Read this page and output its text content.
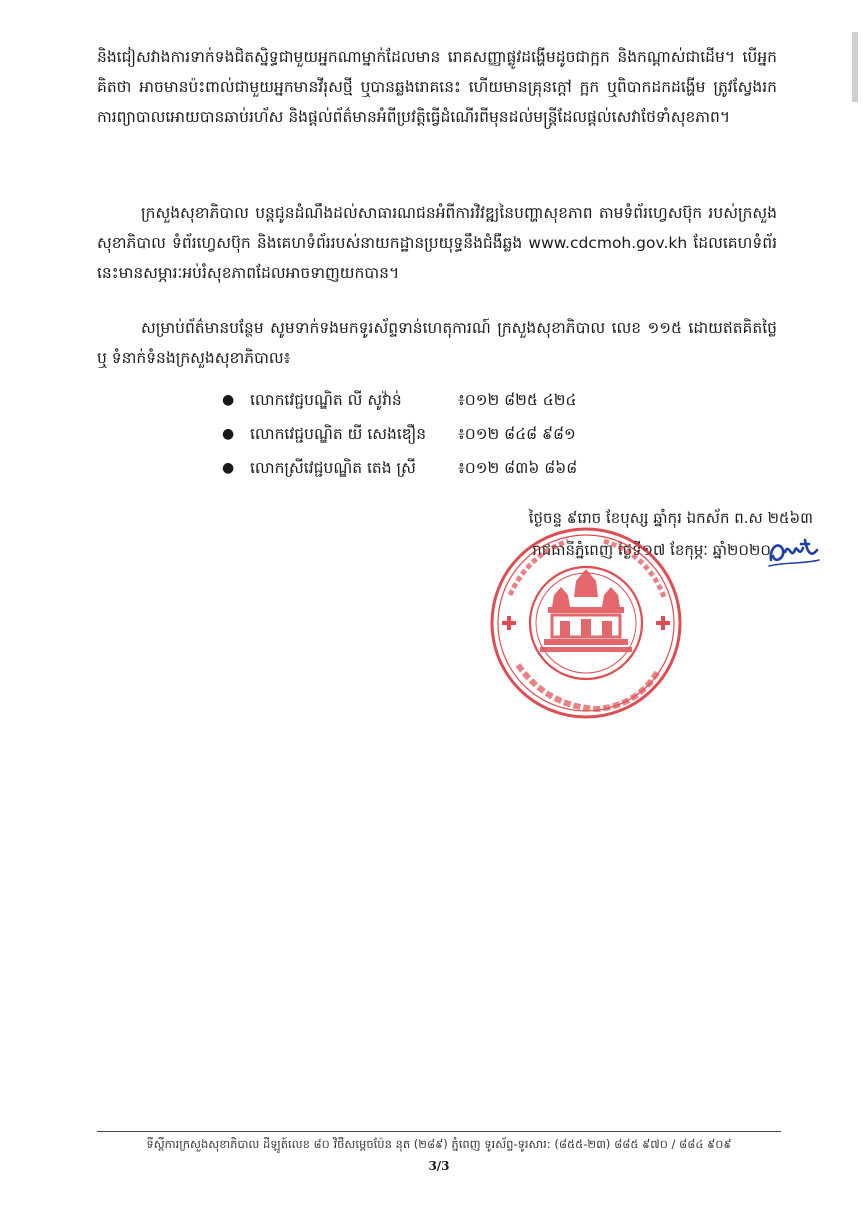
និងជៀសវាងការទាក់ទងជិតស្និទ្ធជាមួយអ្នកណាម្នាក់ដែលមាន រោគសញ្ញាផ្លូវដង្ហើមដូចជាក្អក និងកណ្ដាស់ជាដើម។ បើអ្នកគិតថា អាចមានប៉ះពាល់ជាមួយអ្នកមានវីរុសថ្មី ឬបានឆ្លងរោគនេះ ហើយមានគ្រុនក្ដៅ ក្អក ឬពិបាកដកដង្ហើម ត្រូវស្វែងរកការព្យាបាលអោយបានឆាប់រហ័ស និងផ្ដល់ព័ត៌មានអំពីប្រវត្តិធ្វើដំណើរពីមុនដល់មន្ត្រីដែលផ្ដល់សេវាថែទាំសុខភាព។

ក្រសួងសុខាភិបាល បន្តជូនដំណឹងដល់សាធារណជនអំពីការវិវឌ្ឍនៃបញ្ហាសុខភាព តាមទំព័រហ្វេសប៊ុក របស់ក្រសួងសុខាភិបាល ទំព័រហ្វេសប៊ុក និងគេហទំព័ររបស់នាយកដ្ឋានប្រយុទ្ធនឹងជំងឺឆ្លង www.cdcmoh.gov.kh ដែលគេហទំព័រនេះមានសម្ភារៈអប់រំសុខភាពដែលអាចទាញយកបាន។

សម្រាប់ព័ត៌មានបន្ថែម សូមទាក់ទងមកទូរស័ព្ទទាន់ហេតុការណ៍ ក្រសួងសុខាភិបាល លេខ ១១៥ ដោយឥតគិតថ្លៃ ឬ ទំនាក់ទំនងក្រសួងសុខាភិបាល៖

●	លោកវេជ្ជបណ្ឌិត លី សូវ៉ាន់	៖០១២ ៨២៥ ៤២៤
●	លោកវេជ្ជបណ្ឌិត យី សេងឌឿន ៖០១២ ៨៤៨ ៩៨១
●	លោកស្រីវេជ្ជបណ្ឌិត តេង ស្រី	៖០១២ ៨៣៦ ៨៦៨
ថ្ងៃចន្ទ ៩រោច ខែបុស្ស ឆ្នាំកុរ ឯកស័ក ព.ស ២៥៦៣
រាជធានីភ្នំពេញ ថ្ងៃទី១៧ ខែកុម្ភៈ ឆ្នាំ២០២០
ទីស្ដីការក្រសួងសុខាភិបាល ដីឡូត៍លេខ ៨០ វិថីសម្ដេចប៉ែន នុត (២៨៩) ភ្នំពេញ ទូរស័ព្ទ-ទូរសារ: (៨៥៥-២៣) ៨៨៥ ៩៧០ / ៨៨៤ ៩០៩
3/3
